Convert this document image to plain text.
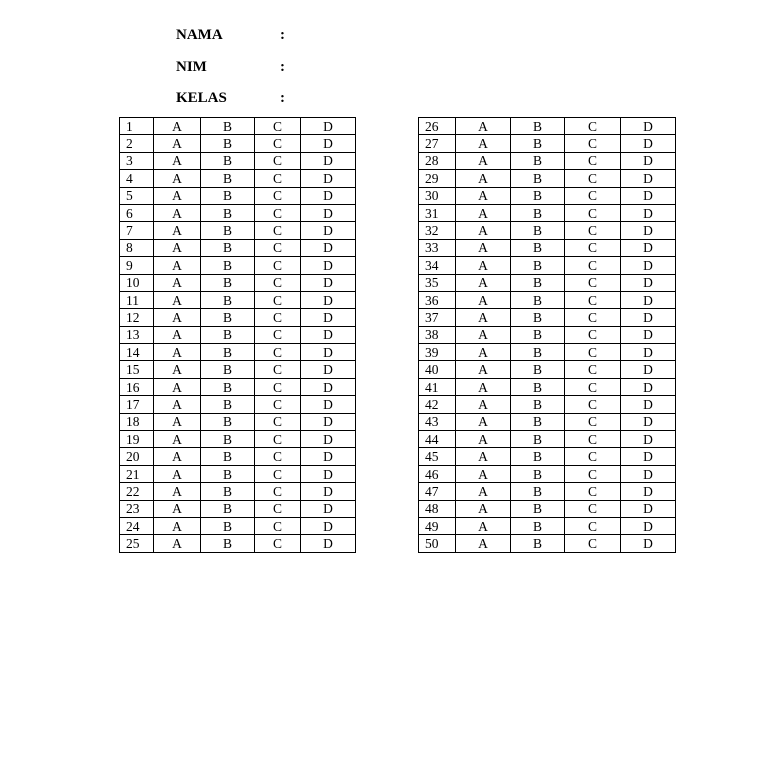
NAMA	:
NIM	:
KELAS	:
1	A	B	C	D
2	A	B	C	D
3	A	B	C	D
4	A	B	C	D
5	A	B	C	D
6	A	B	C	D
7	A	B	C	D
8	A	B	C	D
9	A	B	C	D
10	A	B	C	D
11	A	B	C	D
12	A	B	C	D
13	A	B	C	D
14	A	B	C	D
15	A	B	C	D
16	A	B	C	D
17	A	B	C	D
18	A	B	C	D
19	A	B	C	D
20	A	B	C	D
21	A	B	C	D
22	A	B	C	D
23	A	B	C	D
24	A	B	C	D
25	A	B	C	D
26	A	B	C	D
27	A	B	C	D
28	A	B	C	D
29	A	B	C	D
30	A	B	C	D
31	A	B	C	D
32	A	B	C	D
33	A	B	C	D
34	A	B	C	D
35	A	B	C	D
36	A	B	C	D
37	A	B	C	D
38	A	B	C	D
39	A	B	C	D
40	A	B	C	D
41	A	B	C	D
42	A	B	C	D
43	A	B	C	D
44	A	B	C	D
45	A	B	C	D
46	A	B	C	D
47	A	B	C	D
48	A	B	C	D
49	A	B	C	D
50	A	B	C	D
